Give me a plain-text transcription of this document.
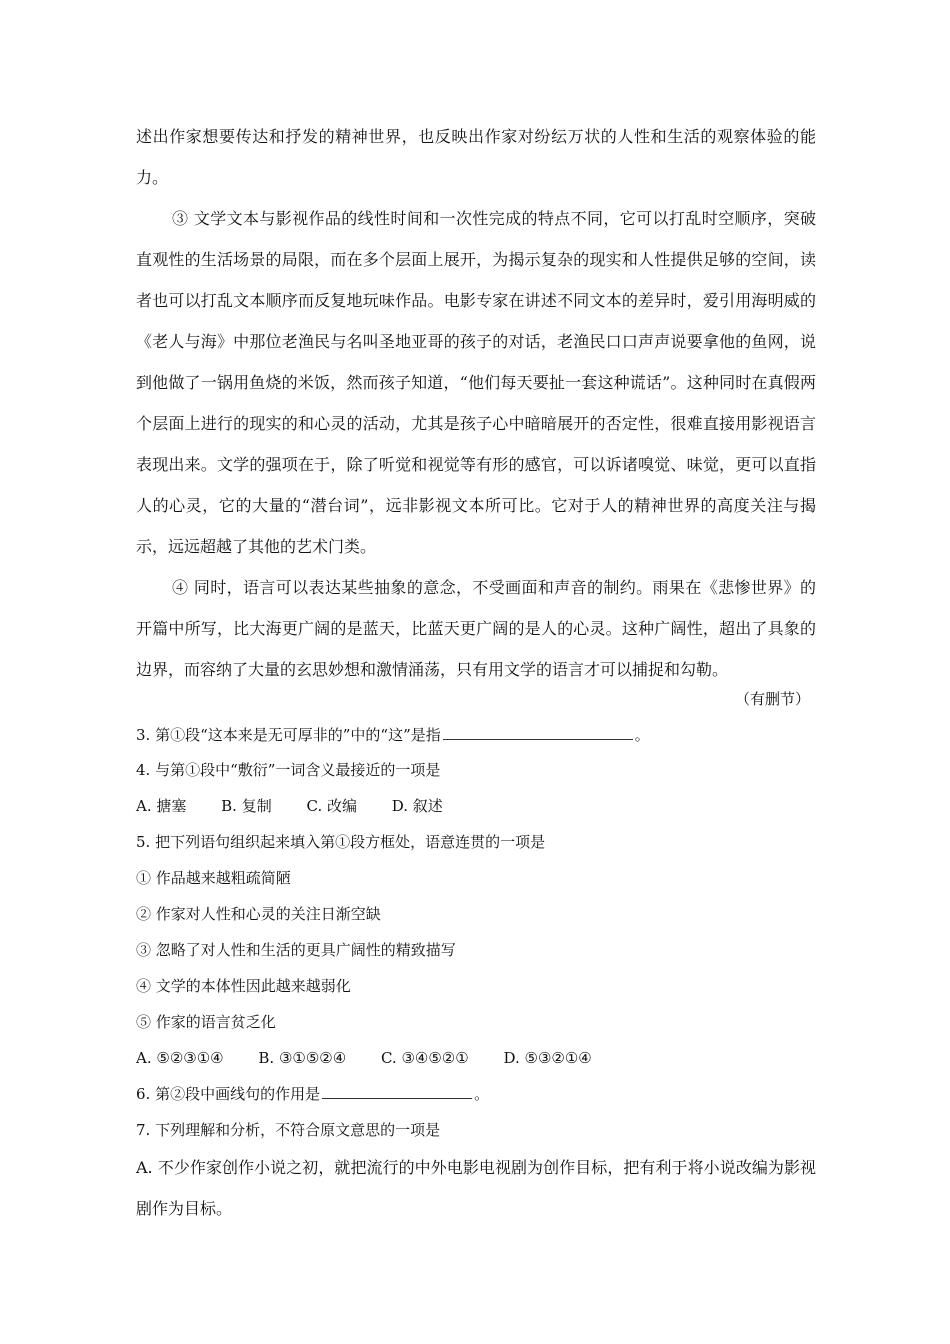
述出作家想要传达和抒发的精神世界，也反映出作家对纷纭万状的人性和生活的观察体验的能力。

③ 文学文本与影视作品的线性时间和一次性完成的特点不同，它可以打乱时空顺序，突破直观性的生活场景的局限，而在多个层面上展开，为揭示复杂的现实和人性提供足够的空间，读者也可以打乱文本顺序而反复地玩味作品。电影专家在讲述不同文本的差异时，爱引用海明威的《老人与海》中那位老渔民与名叫圣地亚哥的孩子的对话，老渔民口口声声说要拿他的鱼网，说到他做了一锅用鱼烧的米饭，然而孩子知道，“他们每天要扯一套这种谎话”。这种同时在真假两个层面上进行的现实的和心灵的活动，尤其是孩子心中暗暗展开的否定性，很难直接用影视语言表现出来。文学的强项在于，除了听觉和视觉等有形的感官，可以诉诸嗅觉、味觉，更可以直指人的心灵，它的大量的“潜台词”，远非影视文本所可比。它对于人的精神世界的高度关注与揭示，远远超越了其他的艺术门类。

④ 同时，语言可以表达某些抽象的意念，不受画面和声音的制约。雨果在《悲惨世界》的开篇中所写，比大海更广阔的是蓝天，比蓝天更广阔的是人的心灵。这种广阔性，超出了具象的边界，而容纳了大量的玄思妙想和激情涌荡，只有用文学的语言才可以捕捉和勾勒。

（有删节）
3. 第①段“这本来是无可厚非的”中的“这”是指	。
4. 与第①段中“敷衍”一词含义最接近的一项是
A. 搪塞 B. 复制 C. 改编 D. 叙述
5. 把下列语句组织起来填入第①段方框处，语意连贯的一项是
① 作品越来越粗疏简陋
② 作家对人性和心灵的关注日渐空缺
③ 忽略了对人性和生活的更具广阔性的精致描写
④ 文学的本体性因此越来越弱化
⑤ 作家的语言贫乏化
A. ⑤②③①④ B. ③①⑤②④ C. ③④⑤②① D. ⑤③②①④
6. 第②段中画线句的作用是	。
7. 下列理解和分析，不符合原文意思的一项是

A. 不少作家创作小说之初，就把流行的中外电影电视剧为创作目标，把有利于将小说改编为影视剧作为目标。
